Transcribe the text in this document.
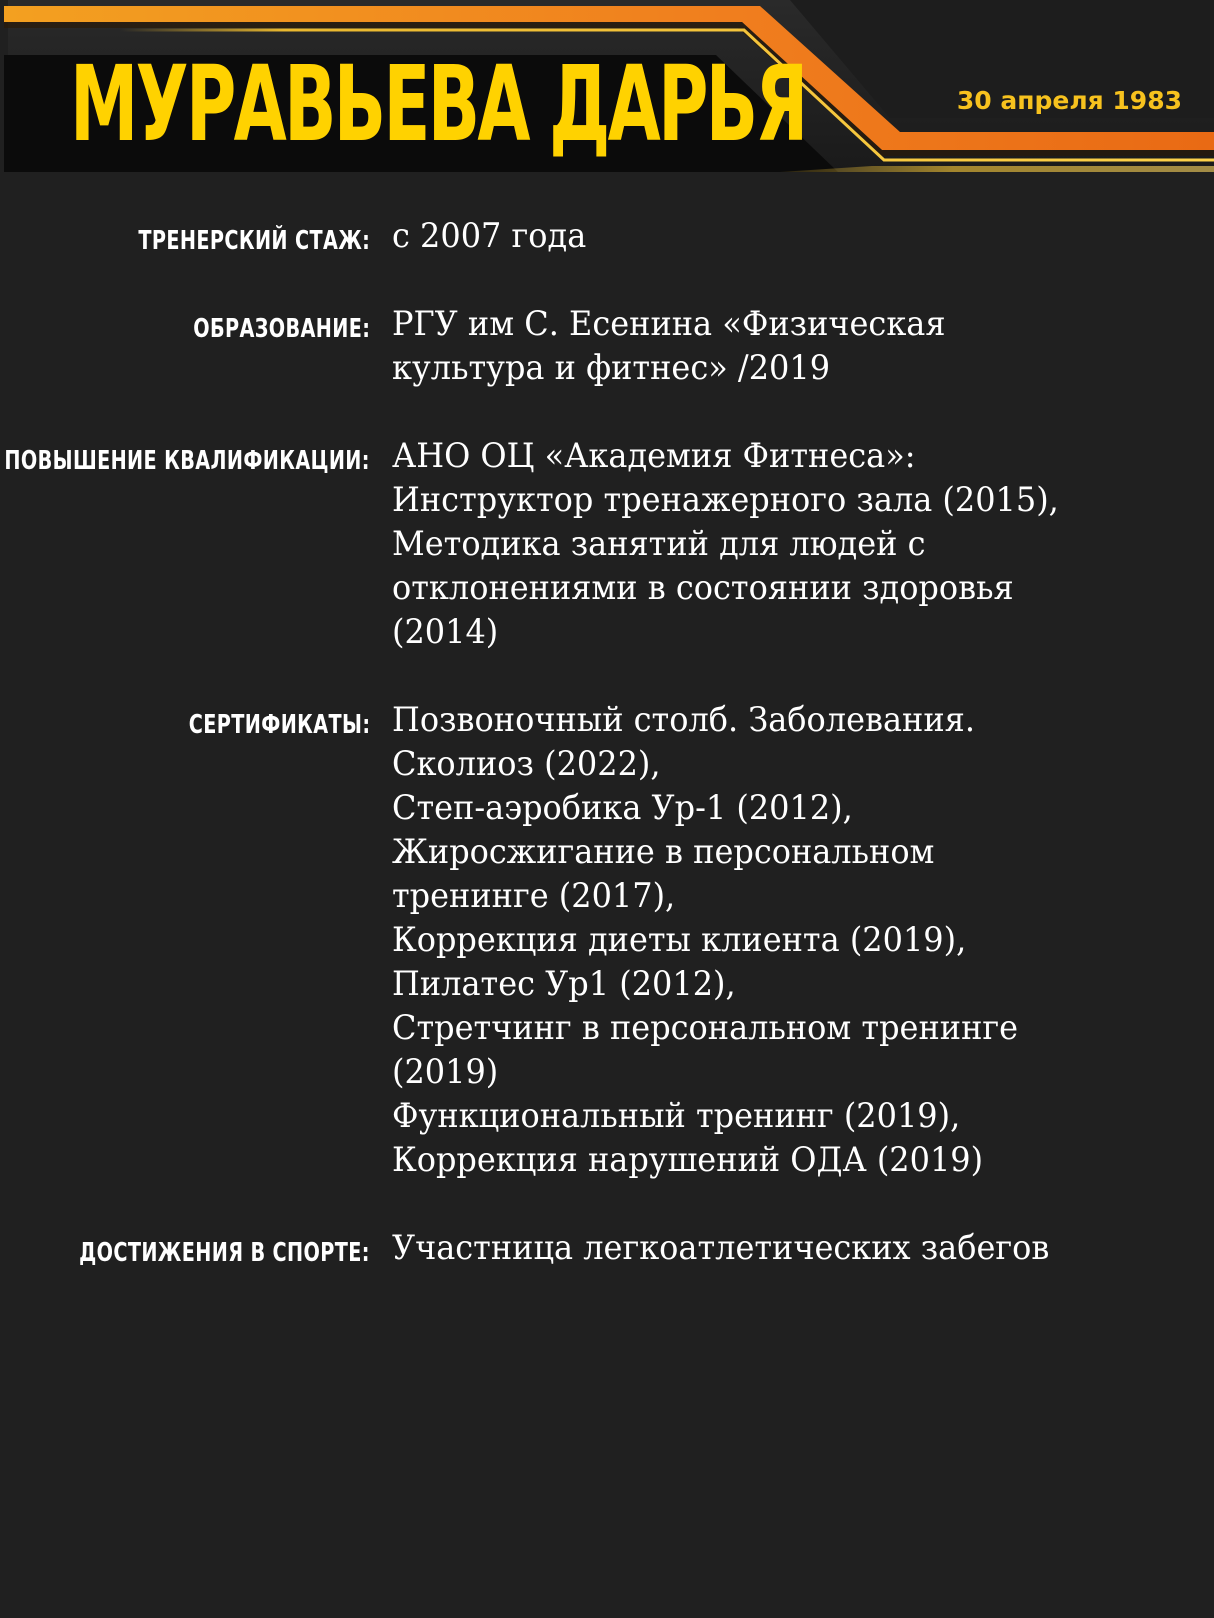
МУРАВЬЕВА ДАРЬЯ	30 апреля 1983
ТРЕНЕРСКИЙ СТАЖ: с 2007 года
ОБРАЗОВАНИЕ: РГУ им С. Есенина «Физическая
культура и фитнес» /2019
ПОВЫШЕНИЕ КВАЛИФИКАЦИИ: АНО ОЦ «Академия Фитнеса»:
Инструктор тренажерного зала (2015),
Методика занятий для людей с
отклонениями в состоянии здоровья
(2014)
СЕРТИФИКАТЫ: Позвоночный столб. Заболевания.
Сколиоз (2022),
Степ-аэробика Ур-1 (2012),
Жиросжигание в персональном
тренинге (2017),
Коррекция диеты клиента (2019),
Пилатес Ур1 (2012),
Стретчинг в персональном тренинге
(2019)
Функциональный тренинг (2019),
Коррекция нарушений ОДА (2019)
ДОСТИЖЕНИЯ В СПОРТЕ: Участница легкоатлетических забегов
